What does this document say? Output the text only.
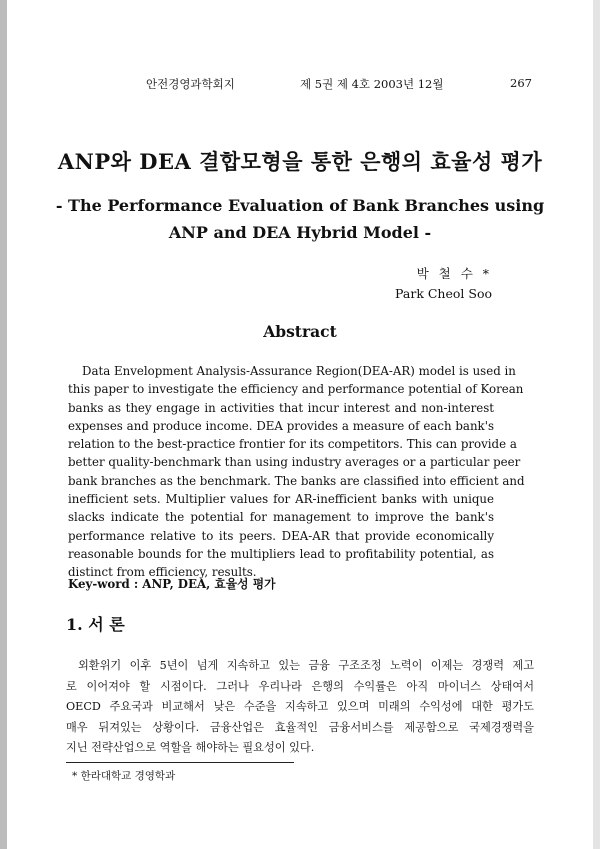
안전경영과학회지	제 5권 제 4호 2003년 12월	267
ANP와 DEA 결합모형을 통한 은행의 효율성 평가
- The Performance Evaluation of Bank Branches using
ANP and DEA Hybrid Model -
박 철 수 *
Park Cheol Soo
Abstract
Data Envelopment Analysis-Assurance Region(DEA-AR) model is used in
this paper to investigate the efficiency and performance potential of Korean
banks as they engage in activities that incur interest and non-interest
expenses and produce income. DEA provides a measure of each bank's
relation to the best-practice frontier for its competitors. This can provide a
better quality-benchmark than using industry averages or a particular peer
bank branches as the benchmark. The banks are classified into efficient and
inefficient sets. Multiplier values for AR-inefficient banks with unique
slacks indicate the potential for management to improve the bank's
performance relative to its peers. DEA-AR that provide economically
reasonable bounds for the multipliers lead to profitability potential, as
distinct from efficiency, results.
Key-word : ANP, DEA, 효율성 평가
1. 서 론
외환위기 이후 5년이 넘게 지속하고 있는 금융 구조조정 노력이 이제는 경쟁력 제고
로 이어져야 할 시점이다. 그러나 우리나라 은행의 수익률은 아직 마이너스 상태여서
OECD 주요국과 비교해서 낮은 수준을 지속하고 있으며 미래의 수익성에 대한 평가도
매우 뒤져있는 상황이다. 금융산업은 효율적인 금융서비스를 제공함으로 국제경쟁력을
지닌 전략산업으로 역할을 해야하는 필요성이 있다.
* 한라대학교 경영학과
